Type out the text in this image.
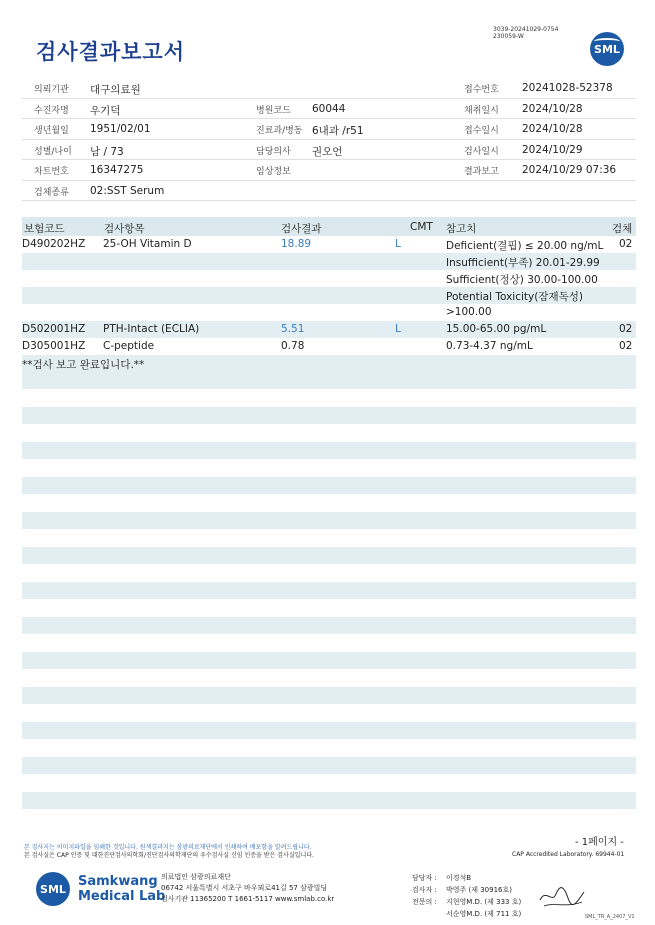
검사결과보고서
3039-20241029-0754
230059-W
SML
의뢰기관 대구의료원	접수번호 20241028-52378
수진자명 우기덕	병원코드 60044	채취일시 2024/10/28
생년월일 1951/02/01	진료과/병동 6내과 /r51	접수일시 2024/10/28
성별/나이 남 / 73	담당의사 권오언	검사일시 2024/10/29
차트번호 16347275	임상정보	결과보고 2024/10/29 07:36
검체종류 02:SST Serum
보험코드	검사항목	검사결과	CMT 참고치	검체
D490202HZ 25-OH Vitamin D	18.89	L	Deficient(결핍) ≤ 20.00 ng/mL 02
Insufficient(부족) 20.01-29.99
Sufficient(정상) 30.00-100.00
Potential Toxicity(잠재독성)
>100.00
D502001HZ PTH-Intact (ECLIA)	5.51	L	15.00-65.00 pg/mL	02
D305001HZ C-peptide	0.78	0.73-4.37 ng/mL	02
**검사 보고 완료입니다.**
- 1페이지 -
본 검사지는 이미지파일을 임쇄한 것입니다. 원색결과지는 삼광의료재단에서 인쇄하여 배포함을 알려드립니다.
본 검사실은 CAP 인증 및 대한진단검사의학회/진단검사의학재단의 우수검사실 신임 인증을 받은 검사실입니다.	CAP Accredited Laboratory. 69944-01
SML Samkwang
Medical Lab
의료법인 삼광의료재단
06742 서울특별시 서초구 바우뫼로41길 57 삼광빌딩
검사기관 11365200 T 1661-5117 www.smlab.co.kr
담당자 : 이경석B
검사자 : 박영주 (제 30916호)
전문의 : 지현영M.D. (제 333 호)
서순영M.D. (제 711 호)	SML_TR_A_2407_V1
